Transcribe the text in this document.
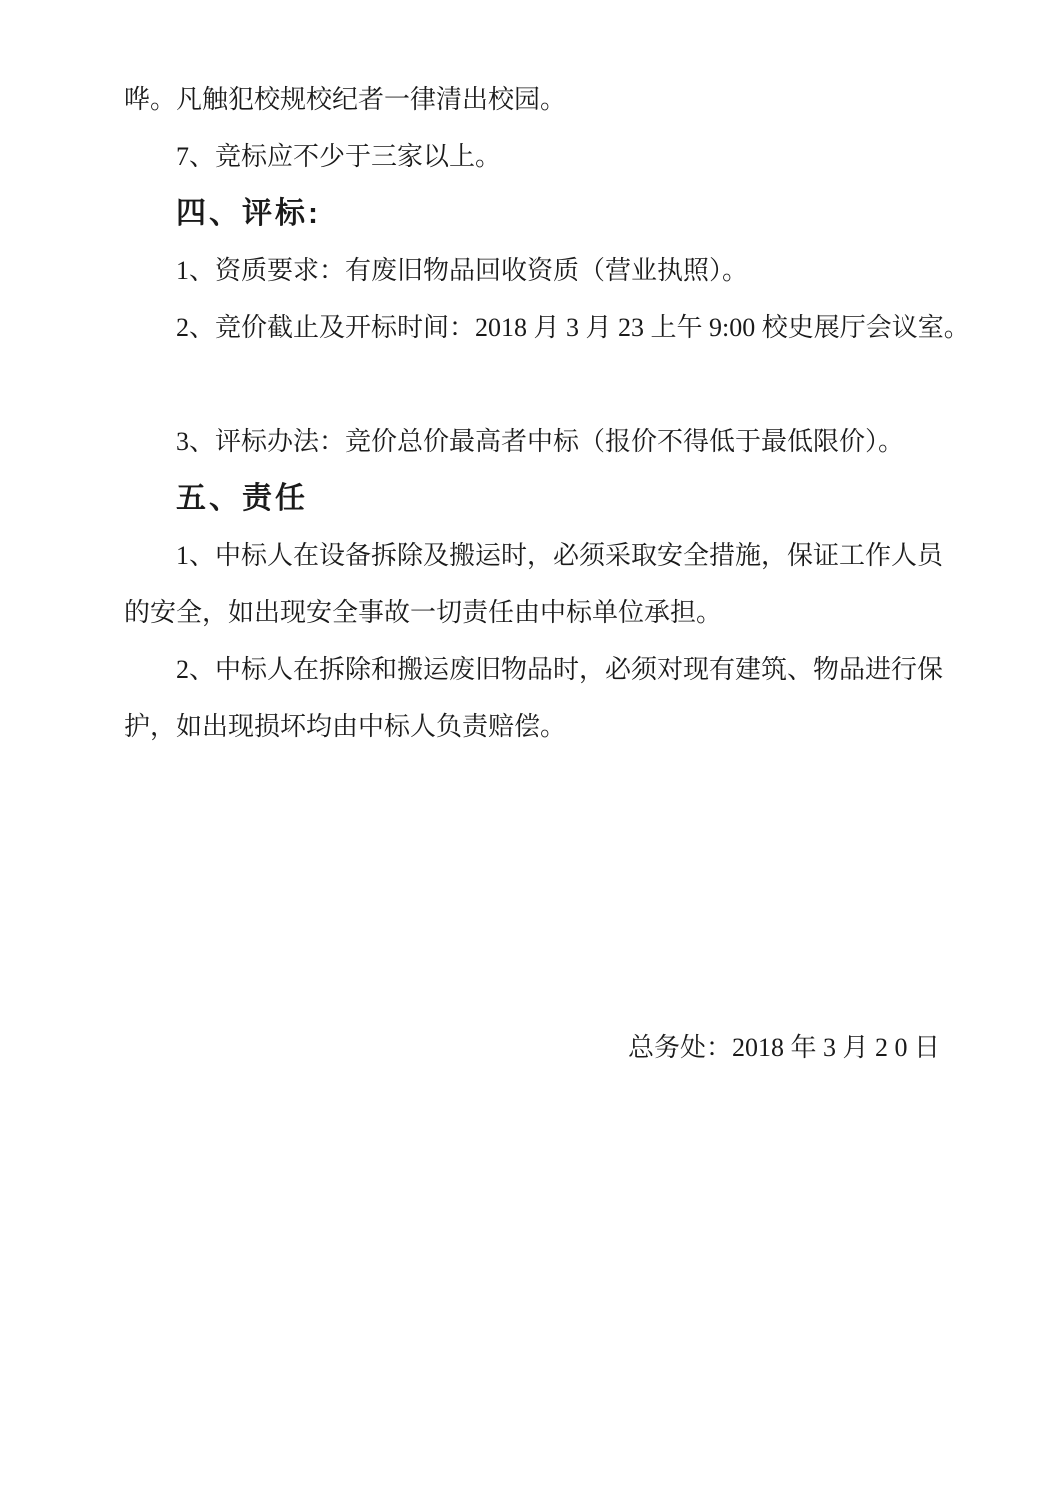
哗。凡触犯校规校纪者一律清出校园。
7、竞标应不少于三家以上。
四、评标:
1、资质要求：有废旧物品回收资质（营业执照）。
2、竞价截止及开标时间：2018 月 3 月 23 上午 9:00 校史展厅会议室。
3、评标办法：竞价总价最高者中标（报价不得低于最低限价）。
五、责任
1、中标人在设备拆除及搬运时，必须采取安全措施，保证工作人员
的安全，如出现安全事故一切责任由中标单位承担。
2、中标人在拆除和搬运废旧物品时，必须对现有建筑、物品进行保
护，如出现损坏均由中标人负责赔偿。
总务处：2018 年 3 月 2 0 日
